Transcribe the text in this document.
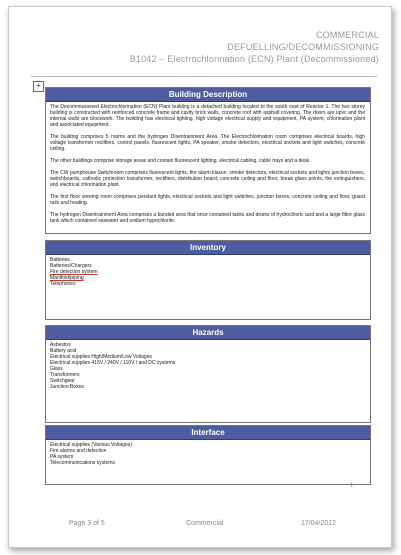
COMMERCIAL
DEFUELLING/DECOMMISSIONING
B1042 – Electrochlorination (ECN) Plant (Decommissioned)
+
Building Description

The Decommissioned Electrochlorination (ECN) Plant building is a detached building located to the south east of Reactor 1. The two storey building is constructed with reinforced concrete frame and cavity brick walls, concrete roof with asphalt covering. The doors are upvc and the internal walls are blockwork. The building has electrical lighting, high voltage electrical supply and equipment, PA system, chlorination plant and associated equipment.

The building comprises 5 rooms and the hydrogen Disentrainment Area. The Electrochlorination room comprises electrical boards, high voltage transformer rectifiers, control panels, fluorescent lights, PA speaker, smoke detectors, electrical sockets and light switches, concrete ceiling.

The other buildings comprise storage areas and contain fluorescent lighting, electrical cabling, cable trays and a desk.

The CW pumphouse Switchroom comprises fluorescent lights, fire alarm klaxon, smoke detectors, electrical sockets and lights junction boxes, switchboards, cathodic protection transformer, rectifiers, distribution board, concrete ceiling and floor, break glass points, fire extinguishers, and electrical chlorination plant.

The first floor viewing room comprises pendant lights, electrical sockets and light switches, junction boxes, concrete ceiling and floor, guard rails and heating.

The hydrogen Disentrainment Area comprises a bunded area that once contained tanks and drums of hydrochloric acid and a large fibre glass tank which contained seawater and sodium hypochlorite.

Inventory
Batteries
Batteries/Chargers
Fire detection system
Manifold/piping
Telephones
Hazards
Asbestos
Battery acid
Electrical supplies High/Medium/Low Voltages
Electrical supplies 415V / 240V / 110V / and DC systems
Glass
Transformers
Switchgear
Junction Boxes
Interface
Electrical supplies (Various Voltages)
Fire alarms and detection
PA system
Telecommunications systems
1
Page 3 of 5	Commercial	17/04/2012
